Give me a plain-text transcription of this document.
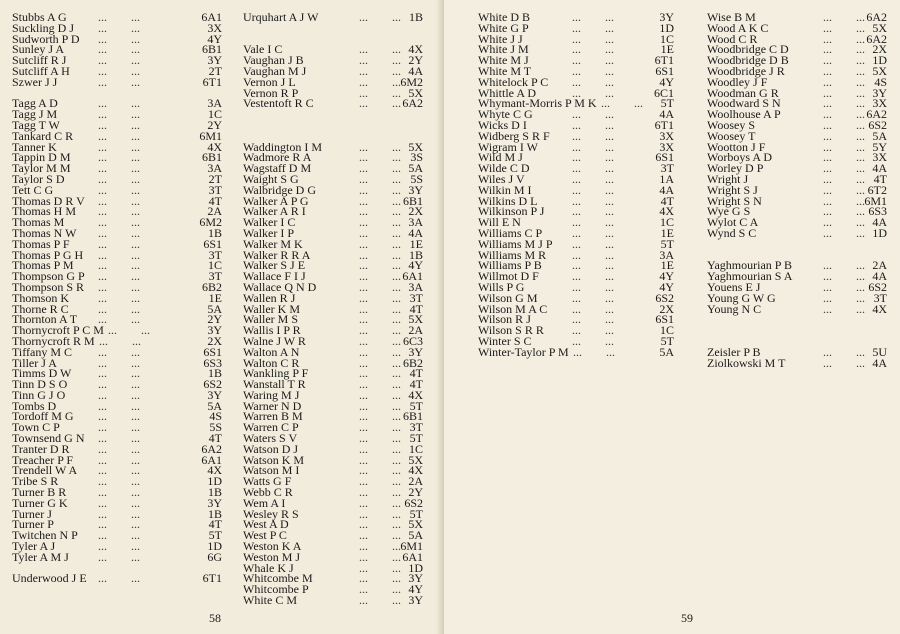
Stubbs A G	...        ...	6A1
Suckling D J ...        ...	3X
Sudworth P D ...        ...	4Y
Sunley J A	...        ...	6B1
Sutcliff R J	...        ...	3Y
Sutcliff A H ...        ...	2T
Szwer J J	...        ...	6T1
Tagg A D	...        ...	3A
Tagg J M	...        ...	1C
Tagg T W	...        ...	2Y
Tankard C R ...        ...	6M1
Tanner K	...        ...	4X
Tappin D M ...        ...	6B1
Taylor M M ...        ...	3A
Taylor S D	...        ...	2T
Tett C G	...        ...	3T
Thomas D R V ...        ...	4T
Thomas H M ...        ...	2A
Thomas M	...        ...	6M2
Thomas N W ...        ...	1B
Thomas P F ...        ...	6S1
Thomas P G H ...        ...	3T
Thomas P M ...        ...	1C
Thompson G P ...        ...	3T
Thompson S R ...        ...	6B2
Thomson K ...        ...	1E
Thorne R C ...        ...	5A
Thornton A T ...        ...	2Y
Thornycroft P C M ...        ...	3Y
Thornycroft R M ...        ...	2X
Tiffany M C ...        ...	6S1
Tiller J A	...        ...	6S3
Timms D W ...        ...	1B
Tinn D S O	...        ...	6S2
Tinn G J O	...        ...	3Y
Tombs D	...        ...	5A
Tordoff M G ...        ...	4S
Town C P	...        ...	5S
Townsend G N ...        ...	4T
Tranter D R ...        ...	6A2
Treacher P F ...        ...	6A1
Trendell W A ...        ...	4X
Tribe S R	...        ...	1D
Turner B R	...        ...	1B
Turner G K	...        ...	3Y
Turner J	...        ...	1B
Turner P	...        ...	4T
Twitchen N P ...        ...	5T
Tyler A J	...        ...	1D
Tyler A M J ...        ...	6G
Underwood J E ...        ...	6T1
Urquhart A J W	...        ... 1B
Vale I C	...        ... 4X
Vaughan J B	...        ... 2Y
Vaughan M J	...        ... 4A
Vernon J L	...        ... 6M2
Vernon R P	...        ... 5X
Vestentoft R C	...        ... 6A2
Waddington I M	...        ... 5X
Wadmore R A	...        ... 3S
Wagstaff D M	...        ... 5A
Waight S G	...        ... 5S
Walbridge D G	...        ... 3Y
Walker A P G	...        ... 6B1
Walker A R I	...        ... 2X
Walker I C	...        ... 3A
Walker I P	...        ... 4A
Walker M K	...        ... 1E
Walker R R A	...        ... 1B
Walker S J E	...        ... 4Y
Wallace F I J	...        ... 6A1
Wallace Q N D	...        ... 3A
Wallen R J	...        ... 3T
Waller K M	...        ... 4T
Waller M S	...        ... 5X
Wallis I P R	...        ... 2A
Walne J W R	...        ... 6C3
Walton A N	...        ... 3Y
Walton C R	...        ... 6B2
Wankling P F	...        ... 4T
Wanstall T R	...        ... 4T
Waring M J	...        ... 4X
Warner N D	...        ... 5T
Warren B M	...        ... 6B1
Warren C P	...        ... 3T
Waters S V	...        ... 5T
Watson D J	...        ... 1C
Watson K M	...        ... 5X
Watson M I	...        ... 4X
Watts G F	...        ... 2A
Webb C R	...        ... 2Y
Wem A I	...        ... 6S2
Wesley R S	...        ... 5T
West A D	...        ... 5X
West P C	...        ... 5A
Weston K A	...        ... 6M1
Weston M J	...        ... 6A1
Whale K J	...        ... 1D
Whitcombe M	...        ... 3Y
Whitcombe P	...        ... 4Y
White C M	...        ... 3Y
58
White D B	...        ...	3Y
White G P	...        ...	1D
White J J	...        ...	1C
White J M	...        ...	1E
White M J	...        ...	6T1
White M T	...        ...	6S1
Whitelock P C ...        ...	4Y
Whittle A D	...        ...	6C1
Whymant-Morris P M K ...        ... 5T
Whyte C G	...        ...	4A
Wicks D I	...        ...	6T1
Widberg S R F ...        ...	3X
Wigram I W	...        ...	3X
Wild M J	...        ...	6S1
Wilde C D	...        ...	3T
Wiles J V	...        ...	1A
Wilkin M I	...        ...	4A
Wilkins D L	...        ...	4T
Wilkinson P J ...        ...	4X
Will E N	...        ...	1C
Williams C P ...        ...	1E
Williams M J P ...        ...	5T
Williams M R ...        ...	3A
Williams P B	...        ...	1E
Willmot D F	...        ...	4Y
Wills P G	...        ...	4Y
Wilson G M	...        ...	6S2
Wilson M A C ...        ...	2X
Wilson R J	...        ...	6S1
Wilson S R R ...        ...	1C
Winter S C	...        ...	5T
Winter-Taylor P M ...        ...	5A
Wise B M	...        ... 6A2
Wood A K C	...        ... 5X
Wood C R	...        ... 6A2
Woodbridge C D	...        ... 2X
Woodbridge D B	...        ... 1D
Woodbridge J R	...        ... 5X
Woodley J F	...        ... 4S
Woodman G R	...        ... 3Y
Woodward S N	...        ... 3X
Woolhouse A P	...        ... 6A2
Woosey S	...        ... 6S2
Woosey T	...        ... 5A
Wootton J F	...        ... 5Y
Worboys A D	...        ... 3X
Worley D P	...        ... 4A
Wright J	...        ... 4T
Wright S J	...        ... 6T2
Wright S N	...        ... 6M1
Wye G S	...        ... 6S3
Wylot C A	...        ... 4A
Wynd S C	...        ... 1D
Yaghmourian P B	...        ... 2A
Yaghmourian S A	...        ... 4A
Youens E J	...        ... 6S2
Young G W G	...        ... 3T
Young N C	...        ... 4X
Zeisler P B	...        ... 5U
Ziolkowski M T	...        ... 4A
59
